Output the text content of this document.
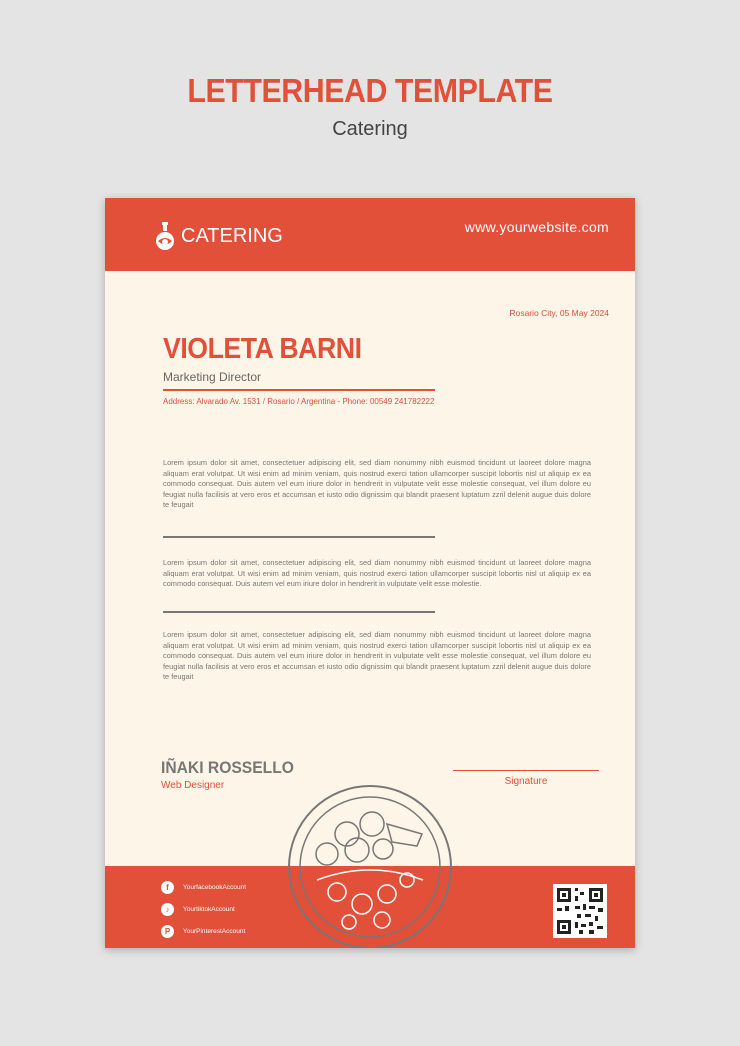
LETTERHEAD TEMPLATE
Catering
CATERING	www.yourwebsite.com
Rosario City, 05 May 2024
VIOLETA BARNI
Marketing Director
Address: Alvarado Av. 1531 / Rosario / Argentina - Phone: 00549 241782222
Lorem ipsum dolor sit amet, consectetuer adipiscing elit, sed diam nonummy nibh euismod tincidunt ut laoreet dolore magna aliquam erat volutpat. Ut wisi enim ad minim veniam, quis nostrud exerci tation ullamcorper suscipit lobortis nisl ut aliquip ex ea commodo consequat. Duis autem vel eum iriure dolor in hendrerit in vulputate velit esse molestie consequat, vel illum dolore eu feugiat nulla facilisis at vero eros et accumsan et iusto odio dignissim qui blandit praesent luptatum zzril delenit augue duis dolore te feugait
Lorem ipsum dolor sit amet, consectetuer adipiscing elit, sed diam nonummy nibh euismod tincidunt ut laoreet dolore magna aliquam erat volutpat. Ut wisi enim ad minim veniam, quis nostrud exerci tation ullamcorper suscipit lobortis nisl ut aliquip ex ea commodo consequat. Duis autem vel eum iriure dolor in hendrerit in vulputate velit esse molestie.
Lorem ipsum dolor sit amet, consectetuer adipiscing elit, sed diam nonummy nibh euismod tincidunt ut laoreet dolore magna aliquam erat volutpat. Ut wisi enim ad minim veniam, quis nostrud exerci tation ullamcorper suscipit lobortis nisl ut aliquip ex ea commodo consequat. Duis autem vel eum iriure dolor in hendrerit in vulputate velit esse molestie consequat, vel illum dolore eu feugiat nulla facilisis at vero eros et accumsan et iusto odio dignissim qui blandit praesent luptatum zzril delenit augue duis dolore te feugait
IÑAKI ROSSELLO
Web Designer	Signature
f	YourfacebookAccount
♪	YourtiktokAccount
P	YourPinterestAccount
